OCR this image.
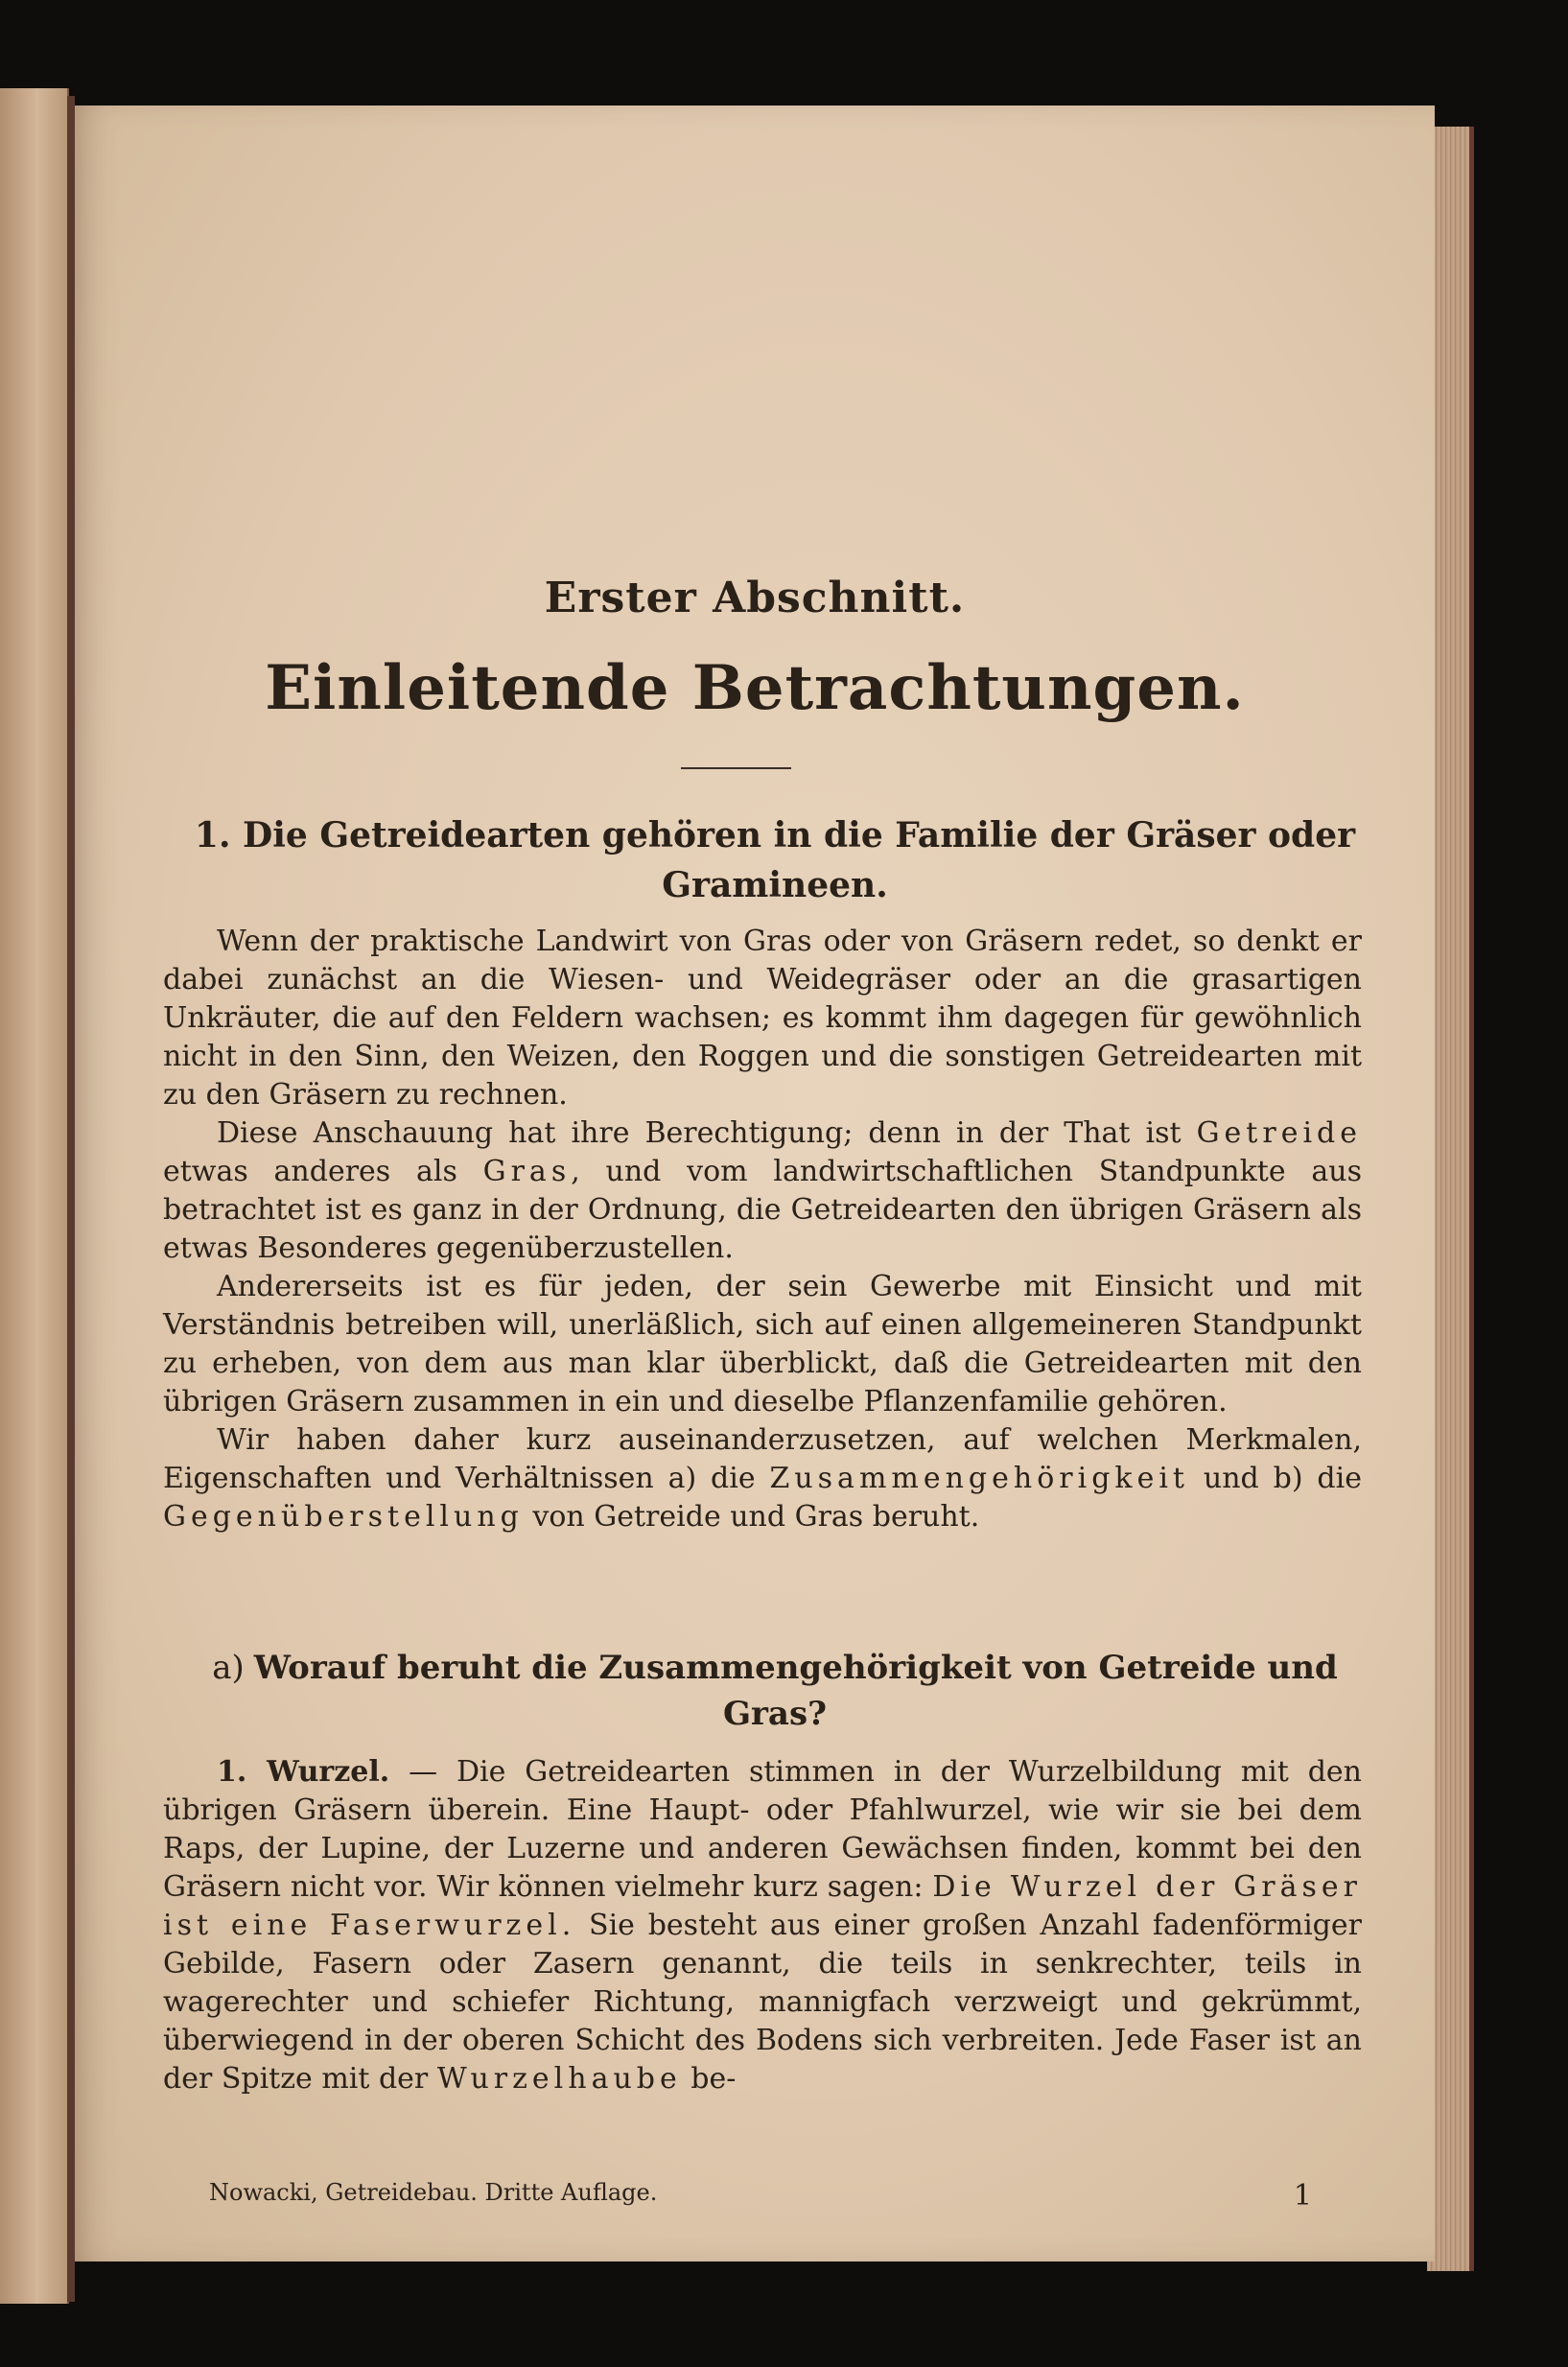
Erster Abschnitt.
Einleitende Betrachtungen.
1. Die Getreidearten gehören in die Familie der Gräser oder Gramineen.

Wenn der praktische Landwirt von Gras oder von Gräsern redet, so denkt er dabei zunächst an die Wiesen- und Weidegräser oder an die grasartigen Unkräuter, die auf den Feldern wachsen; es kommt ihm dagegen für gewöhnlich nicht in den Sinn, den Weizen, den Roggen und die sonstigen Getreidearten mit zu den Gräsern zu rechnen.

Diese Anschauung hat ihre Berechtigung; denn in der That ist Getreide etwas anderes als Gras, und vom landwirtschaftlichen Standpunkte aus betrachtet ist es ganz in der Ordnung, die Getreidearten den übrigen Gräsern als etwas Besonderes gegenüberzustellen.

Andererseits ist es für jeden, der sein Gewerbe mit Einsicht und mit Verständnis betreiben will, unerläßlich, sich auf einen allgemeineren Standpunkt zu erheben, von dem aus man klar überblickt, daß die Getreidearten mit den übrigen Gräsern zusammen in ein und dieselbe Pflanzenfamilie gehören.

Wir haben daher kurz auseinanderzusetzen, auf welchen Merkmalen, Eigenschaften und Verhältnissen a) die Zusammengehörigkeit und b) die Gegenüberstellung von Getreide und Gras beruht.

a) Worauf beruht die Zusammengehörigkeit von Getreide und Gras?

1. Wurzel. — Die Getreidearten stimmen in der Wurzelbildung mit den übrigen Gräsern überein. Eine Haupt- oder Pfahlwurzel, wie wir sie bei dem Raps, der Lupine, der Luzerne und anderen Gewächsen finden, kommt bei den Gräsern nicht vor. Wir können vielmehr kurz sagen: Die Wurzel der Gräser ist eine Faserwurzel. Sie besteht aus einer großen Anzahl fadenförmiger Gebilde, Fasern oder Zasern genannt, die teils in senkrechter, teils in wagerechter und schiefer Richtung, mannigfach verzweigt und gekrümmt, überwiegend in der oberen Schicht des Bodens sich verbreiten. Jede Faser ist an der Spitze mit der Wurzelhaube be-

Nowacki, Getreidebau. Dritte Auflage.	1
